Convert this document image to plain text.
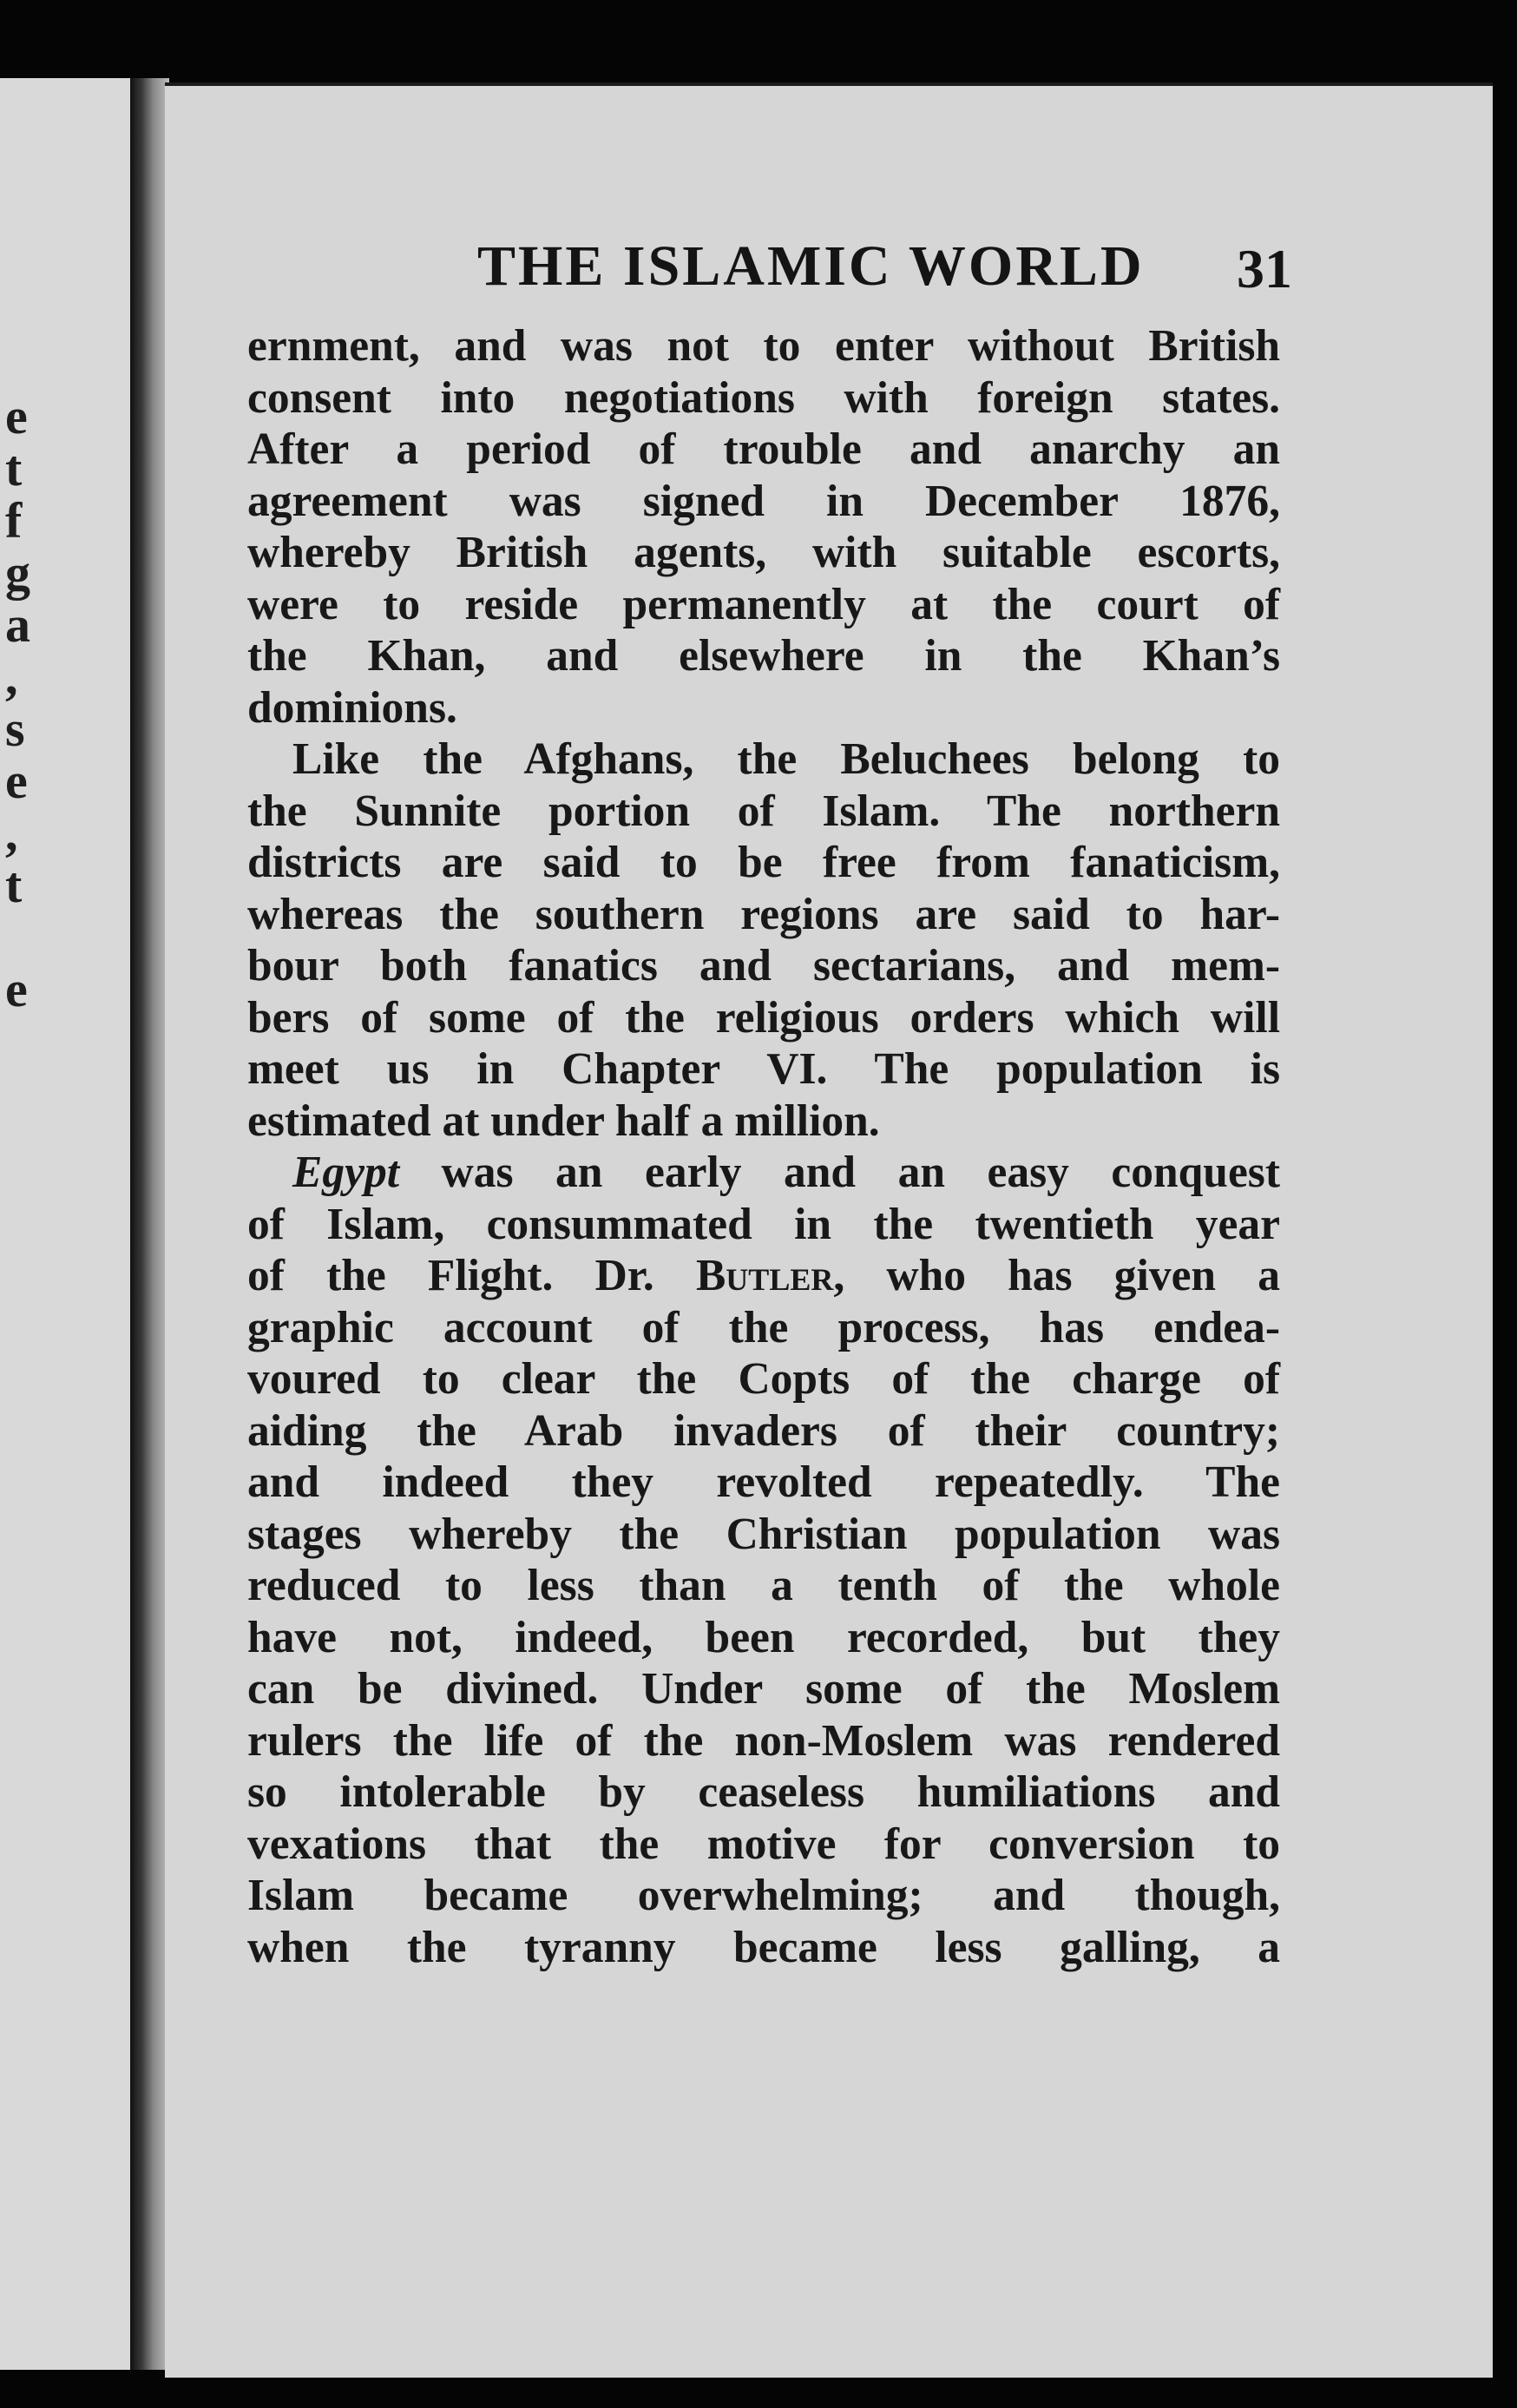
e
t
f
g
a
,
s
e
,
t
e
THE ISLAMIC WORLD 31
ernment, and was not to enter without British
consent into negotiations with foreign states.
After a period of trouble and anarchy an
agreement was signed in December 1876,
whereby British agents, with suitable escorts,
were to reside permanently at the court of
the Khan, and elsewhere in the Khan’s
dominions.
Like the Afghans, the Beluchees belong to
the Sunnite portion of Islam. The northern
districts are said to be free from fanaticism,
whereas the southern regions are said to har-
bour both fanatics and sectarians, and mem-
bers of some of the religious orders which will
meet us in Chapter VI. The population is
estimated at under half a million.
Egypt was an early and an easy conquest
of Islam, consummated in the twentieth year
of the Flight. Dr. Butler, who has given a
graphic account of the process, has endea-
voured to clear the Copts of the charge of
aiding the Arab invaders of their country;
and indeed they revolted repeatedly. The
stages whereby the Christian population was
reduced to less than a tenth of the whole
have not, indeed, been recorded, but they
can be divined. Under some of the Moslem
rulers the life of the non-Moslem was rendered
so intolerable by ceaseless humiliations and
vexations that the motive for conversion to
Islam became overwhelming; and though,
when the tyranny became less galling, a
